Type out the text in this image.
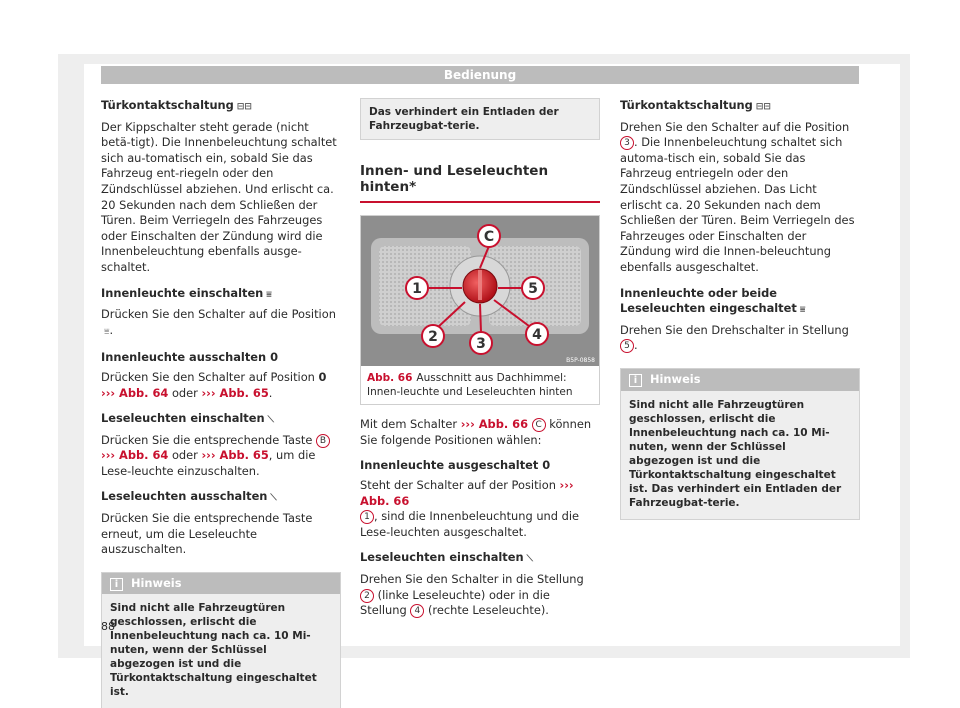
Bedienung
Türkontaktschaltung ⊟⊟

Der Kippschalter steht gerade (nicht betä-tigt). Die Innenbeleuchtung schaltet sich au-tomatisch ein, sobald Sie das Fahrzeug ent-riegeln oder den Zündschlüssel abziehen. Und erlischt ca. 20 Sekunden nach dem Schließen der Türen. Beim Verriegeln des Fahrzeuges oder Einschalten der Zündung wird die Innenbeleuchtung ebenfalls ausge-schaltet.

Innenleuchte einschalten ⩸

Drücken Sie den Schalter auf die Position ⩸.

Innenleuchte ausschalten 0

Drücken Sie den Schalter auf Position 0
››› Abb. 64 oder ››› Abb. 65.

Leseleuchten einschalten ⟍

Drücken Sie die entsprechende Taste B
››› Abb. 64 oder ››› Abb. 65, um die Lese-leuchte einzuschalten.

Leseleuchten ausschalten ⟍

Drücken Sie die entsprechende Taste erneut, um die Leseleuchte auszuschalten.

i Hinweis
Sind nicht alle Fahrzeugtüren geschlossen, erlischt die Innenbeleuchtung nach ca. 10 Mi-nuten, wenn der Schlüssel abgezogen ist und die Türkontaktschaltung eingeschaltet ist.
Das verhindert ein Entladen der Fahrzeugbat-terie.
Innen- und Leseleuchten hinten*
C
1	5
2	3
4
B5P-0858
Abb. 66 Ausschnitt aus Dachhimmel: Innen-leuchte und Leseleuchten hinten

Mit dem Schalter ››› Abb. 66 C können Sie folgende Positionen wählen:

Innenleuchte ausgeschaltet 0

Steht der Schalter auf der Position ››› Abb. 66
1 , sind die Innenbeleuchtung und die Lese-leuchten ausgeschaltet.

Leseleuchten einschalten ⟍

Drehen Sie den Schalter in die Stellung 2 (linke Leseleuchte) oder in die Stellung 4 (rechte Leseleuchte).

Türkontaktschaltung ⊟⊟

Drehen Sie den Schalter auf die Position 3 . Die Innenbeleuchtung schaltet sich automa-tisch ein, sobald Sie das Fahrzeug entriegeln oder den Zündschlüssel abziehen. Das Licht erlischt ca. 20 Sekunden nach dem Schließen der Türen. Beim Verriegeln des Fahrzeuges oder Einschalten der Zündung wird die Innen-beleuchtung ebenfalls ausgeschaltet.

Innenleuchte oder beide Leseleuchten eingeschaltet ⩸

Drehen Sie den Drehschalter in Stellung 5 .

i Hinweis
Sind nicht alle Fahrzeugtüren geschlossen, erlischt die Innenbeleuchtung nach ca. 10 Mi-nuten, wenn der Schlüssel abgezogen ist und die Türkontaktschaltung eingeschaltet ist. Das verhindert ein Entladen der Fahrzeugbat-terie.
88
